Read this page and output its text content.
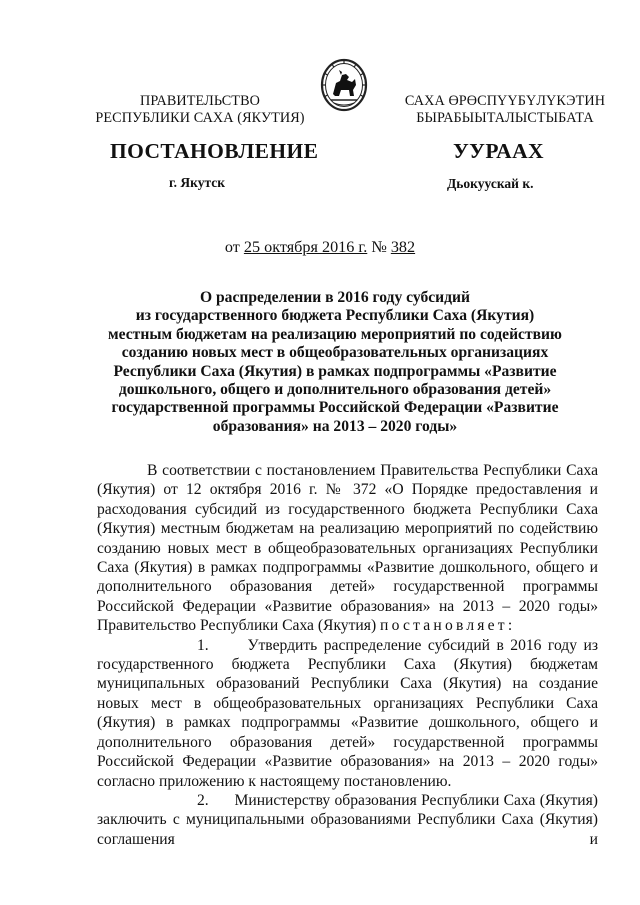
ПРАВИТЕЛЬСТВО
РЕСПУБЛИКИ САХА (ЯКУТИЯ)
САХА ӨРӨСПҮҮБҮЛҮКЭТИН
БЫРАБЫЫТАЛЫСТЫБАТА
ПОСТАНОВЛЕНИЕ	УУРААХ
г. Якутск	Дьокуускай к.
от 25 октября 2016 г. № 382
О распределении в 2016 году субсидий
из государственного бюджета Республики Саха (Якутия)
местным бюджетам на реализацию мероприятий по содействию
созданию новых мест в общеобразовательных организациях
Республики Саха (Якутия) в рамках подпрограммы «Развитие
дошкольного, общего и дополнительного образования детей»
государственной программы Российской Федерации «Развитие
образования» на 2013 – 2020 годы»

В соответствии с постановлением Правительства Республики Саха (Якутия) от 12 октября 2016 г. № 372 «О Порядке предоставления и расходования субсидий из государственного бюджета Республики Саха (Якутия) местным бюджетам на реализацию мероприятий по содействию созданию новых мест в общеобразовательных организациях Республики Саха (Якутия) в рамках подпрограммы «Развитие дошкольного, общего и дополнительного образования детей» государственной программы Российской Федерации «Развитие образования» на 2013 – 2020 годы» Правительство Республики Саха (Якутия) постановляет:

1. Утвердить распределение субсидий в 2016 году из государственного бюджета Республики Саха (Якутия) бюджетам муниципальных образований Республики Саха (Якутия) на создание новых мест в общеобразовательных организациях Республики Саха (Якутия) в рамках подпрограммы «Развитие дошкольного, общего и дополнительного образования детей» государственной программы Российской Федерации «Развитие образования» на 2013 – 2020 годы» согласно приложению к настоящему постановлению.

2. Министерству образования Республики Саха (Якутия) заключить с муниципальными образованиями Республики Саха (Якутия) соглашения и
